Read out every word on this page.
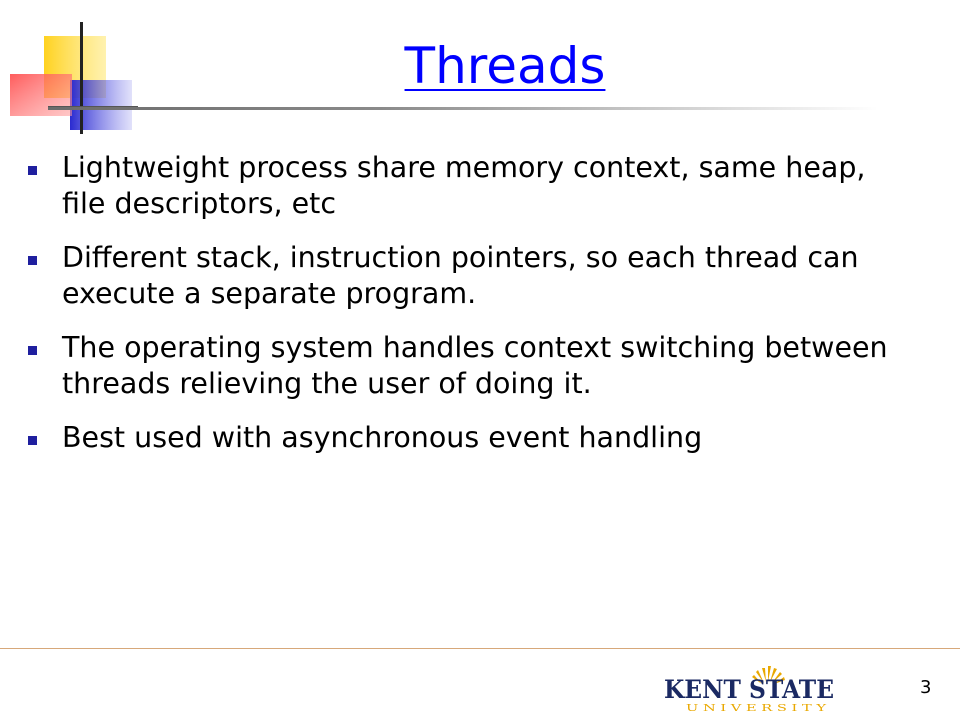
Threads
Lightweight process share memory context, same heap, file descriptors, etc
Different stack, instruction pointers, so each thread can execute a separate program.
The operating system handles context switching between threads relieving the user of doing it.
Best used with asynchronous event handling
KENT STATE
U N I V E R S I T Y
3
